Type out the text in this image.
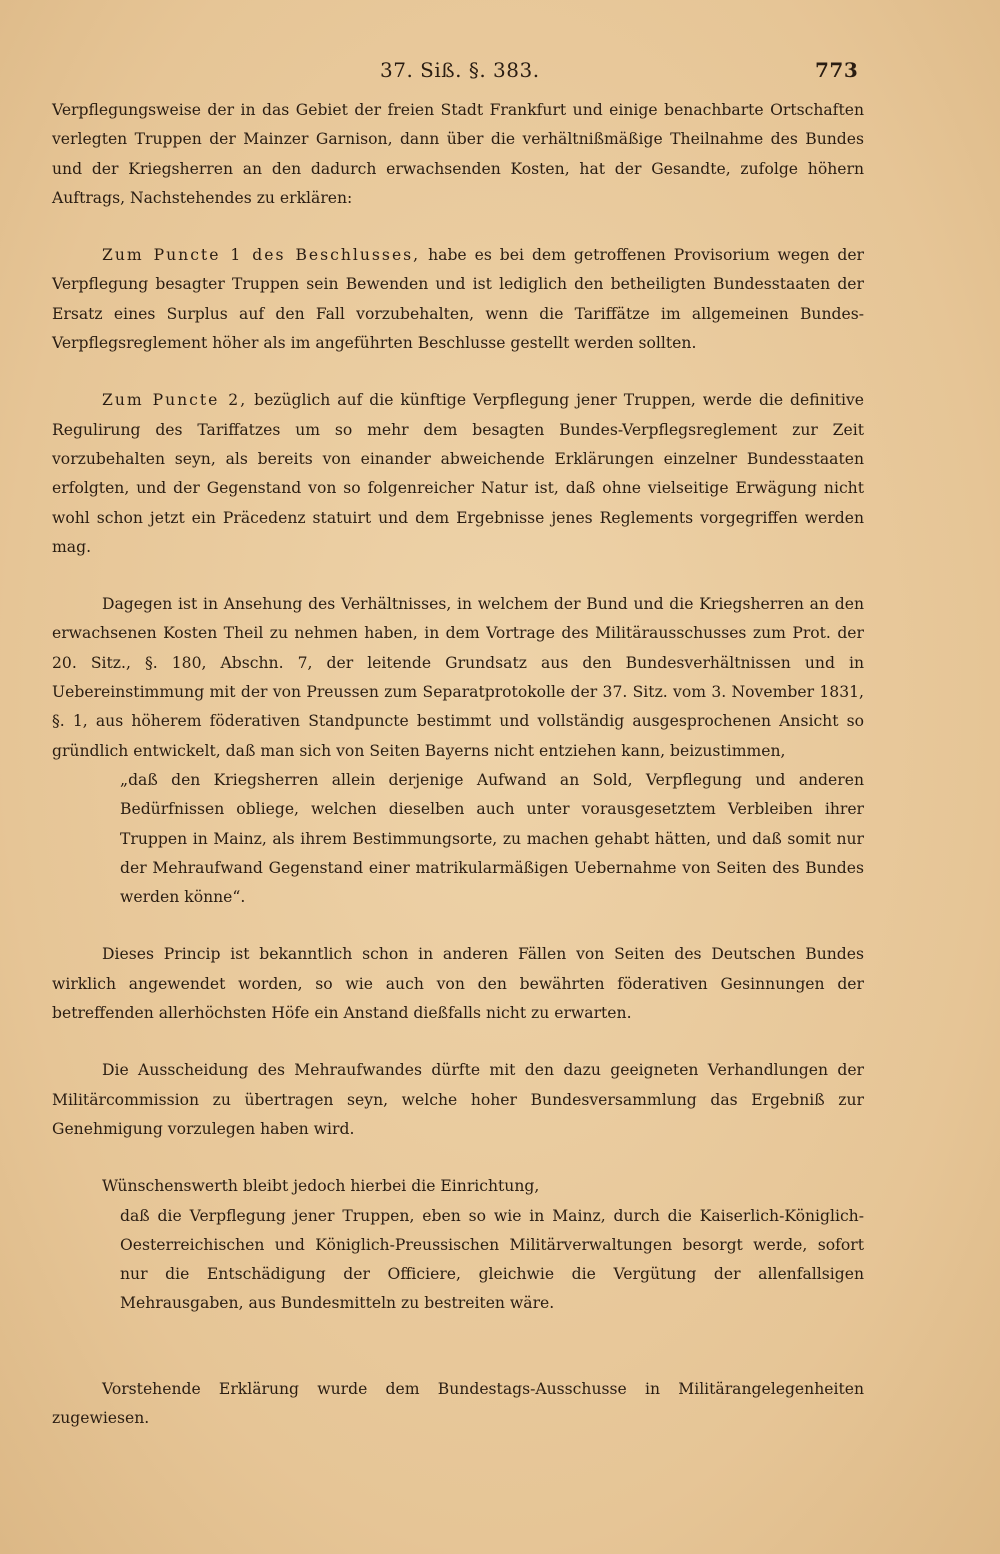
37. Siß. §. 383.	773

Verpflegungsweise der in das Gebiet der freien Stadt Frankfurt und einige benachbarte Ortschaften verlegten Truppen der Mainzer Garnison, dann über die verhältnißmäßige Theilnahme des Bundes und der Kriegsherren an den dadurch erwachsenden Kosten, hat der Gesandte, zufolge höhern Auftrags, Nachstehendes zu erklären:

Zum Puncte 1 des Beschlusses, habe es bei dem getroffenen Provisorium wegen der Verpflegung besagter Truppen sein Bewenden und ist lediglich den betheiligten Bundesstaaten der Ersatz eines Surplus auf den Fall vorzubehalten, wenn die Tariffätze im allgemeinen Bundes-Verpflegsreglement höher als im angeführten Beschlusse gestellt werden sollten.

Zum Puncte 2, bezüglich auf die künftige Verpflegung jener Truppen, werde die definitive Regulirung des Tariffatzes um so mehr dem besagten Bundes-Verpflegsreglement zur Zeit vorzubehalten seyn, als bereits von einander abweichende Erklärungen einzelner Bundesstaaten erfolgten, und der Gegenstand von so folgenreicher Natur ist, daß ohne vielseitige Erwägung nicht wohl schon jetzt ein Präcedenz statuirt und dem Ergebnisse jenes Reglements vorgegriffen werden mag.

Dagegen ist in Ansehung des Verhältnisses, in welchem der Bund und die Kriegsherren an den erwachsenen Kosten Theil zu nehmen haben, in dem Vortrage des Militärausschusses zum Prot. der 20. Sitz., §. 180, Abschn. 7, der leitende Grundsatz aus den Bundesverhältnissen und in Uebereinstimmung mit der von Preussen zum Separatprotokolle der 37. Sitz. vom 3. November 1831, §. 1, aus höherem föderativen Standpuncte bestimmt und vollständig ausgesprochenen Ansicht so gründlich entwickelt, daß man sich von Seiten Bayerns nicht entziehen kann, beizustimmen,

„daß den Kriegsherren allein derjenige Aufwand an Sold, Verpflegung und anderen Bedürfnissen obliege, welchen dieselben auch unter vorausgesetztem Verbleiben ihrer Truppen in Mainz, als ihrem Bestimmungsorte, zu machen gehabt hätten, und daß somit nur der Mehraufwand Gegenstand einer matrikularmäßigen Uebernahme von Seiten des Bundes werden könne“.

Dieses Princip ist bekanntlich schon in anderen Fällen von Seiten des Deutschen Bundes wirklich angewendet worden, so wie auch von den bewährten föderativen Gesinnungen der betreffenden allerhöchsten Höfe ein Anstand dießfalls nicht zu erwarten.

Die Ausscheidung des Mehraufwandes dürfte mit den dazu geeigneten Verhandlungen der Militärcommission zu übertragen seyn, welche hoher Bundesversammlung das Ergebniß zur Genehmigung vorzulegen haben wird.

Wünschenswerth bleibt jedoch hierbei die Einrichtung,

daß die Verpflegung jener Truppen, eben so wie in Mainz, durch die Kaiserlich-Königlich-Oesterreichischen und Königlich-Preussischen Militärverwaltungen besorgt werde, sofort nur die Entschädigung der Officiere, gleichwie die Vergütung der allenfallsigen Mehrausgaben, aus Bundesmitteln zu bestreiten wäre.

Vorstehende Erklärung wurde dem Bundestags-Ausschusse in Militärangelegenheiten zugewiesen.
